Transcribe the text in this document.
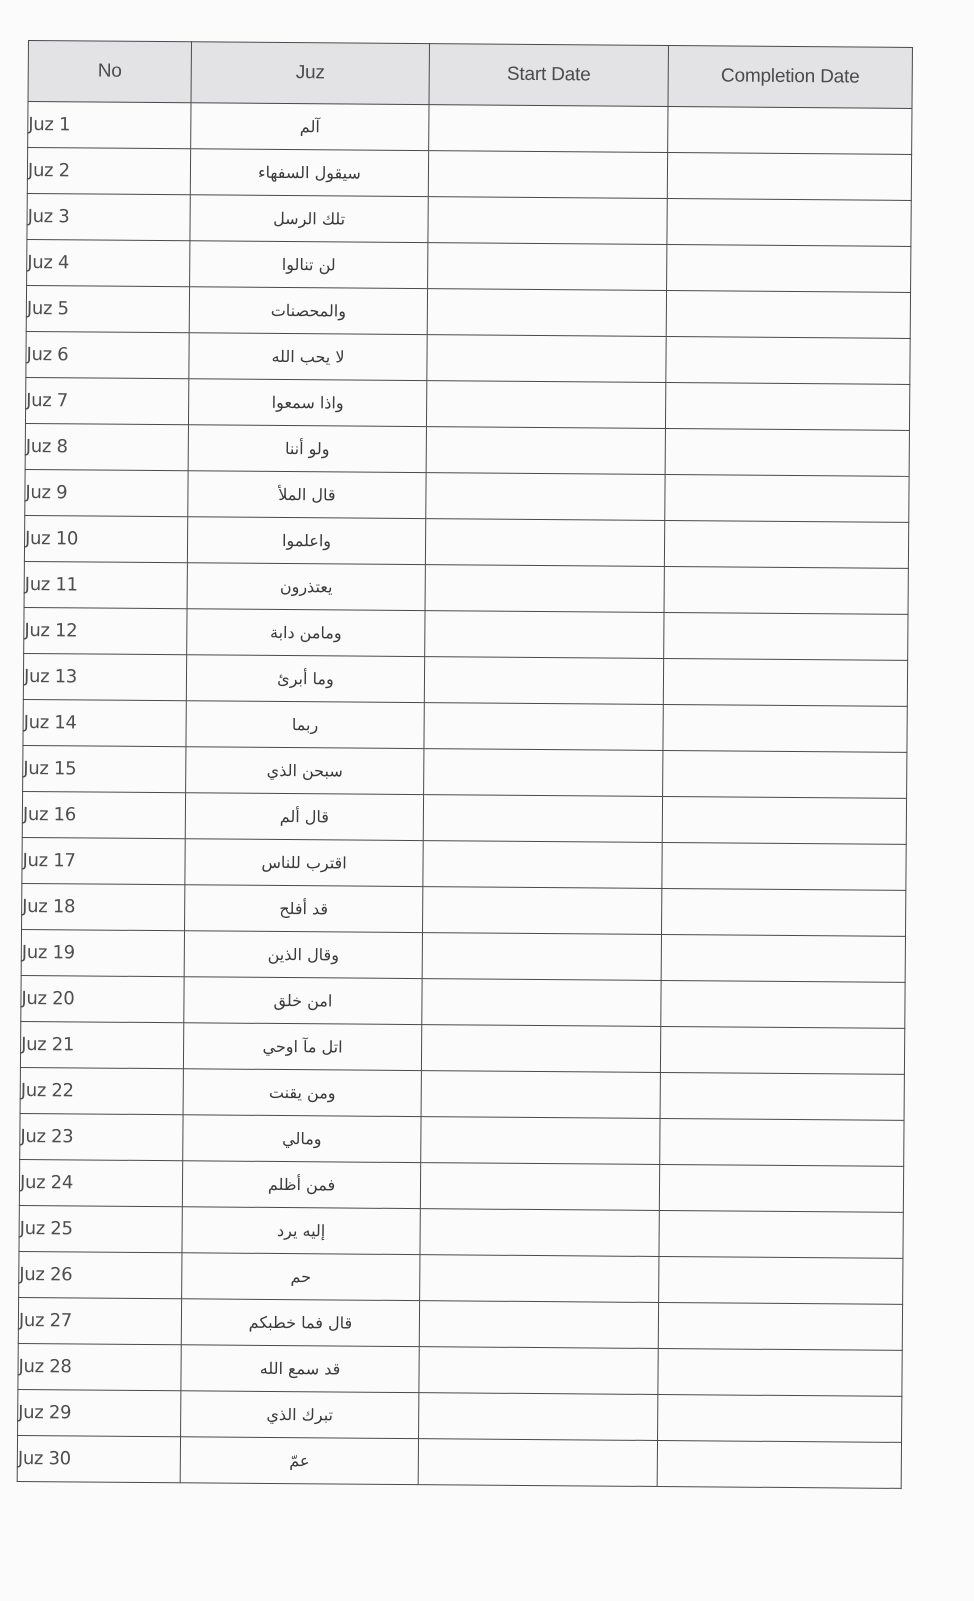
No	Juz	Start Date	Completion Date
Juz 1	آلم		
Juz 2	سيقول السفهاء		
Juz 3	تلك الرسل		
Juz 4	لن تنالوا		
Juz 5	والمحصنات		
Juz 6	لا يحب الله		
Juz 7	واذا سمعوا		
Juz 8	ولو أننا		
Juz 9	قال الملأ		
Juz 10	واعلموا		
Juz 11	يعتذرون		
Juz 12	ومامن دابة		
Juz 13	وما أبرئ		
Juz 14	ربما		
Juz 15	سبحن الذي		
Juz 16	قال ألم		
Juz 17	اقترب للناس		
Juz 18	قد أفلح		
Juz 19	وقال الذين		
Juz 20	امن خلق		
Juz 21	اتل مآ اوحي		
Juz 22	ومن يقنت		
Juz 23	ومالي		
Juz 24	فمن أظلم		
Juz 25	إليه يرد		
Juz 26	حم		
Juz 27	قال فما خطبكم		
Juz 28	قد سمع الله		
Juz 29	تبرك الذي		
Juz 30	عمّ		
